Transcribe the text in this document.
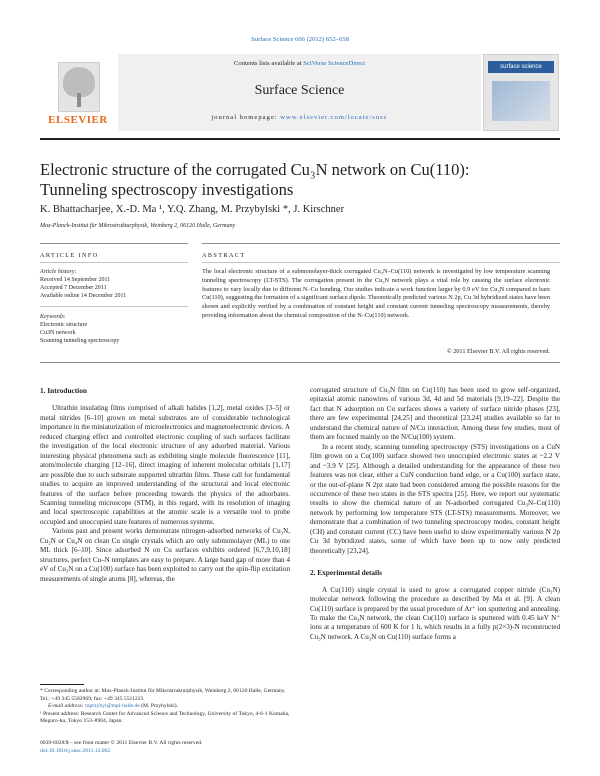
Surface Science 606 (2012) 652–658
ELSEVIER
Contents lists available at SciVerse ScienceDirect
Surface Science
journal homepage: www.elsevier.com/locate/susc
surface science
Electronic structure of the corrugated Cu₃N network on Cu(110):
Tunneling spectroscopy investigations
K. Bhattacharjee, X.-D. Ma ¹, Y.Q. Zhang, M. Przybylski *, J. Kirschner
Max-Planck-Institut für Mikrostrukturphysik, Weinberg 2, 06120 Halle, Germany
ARTICLE INFO	ABSTRACT
Article history:
Received 14 September 2011
Accepted 7 December 2011
Available online 14 December 2011
Keywords:
Electronic structure
Cu3N network
Scanning tunneling spectroscopy
The local electronic structure of a submonolayer-thick corrugated Cu₃N–Cu(110) network is investigated by low temperature scanning tunneling spectroscopy (LT-STS). The corrugation present in the Cu₃N network plays a vital role by causing the surface electronic features to vary locally due to different N–Cu bonding. Our studies indicate a work function larger by 0.9 eV for Cu₃N compared to bare Cu(110), suggesting the formation of a significant surface dipole. Theoretically predicted various N 2p, Cu 3d hybridized states have been shown and explicitly verified by a combination of constant height and constant current tunneling spectroscopy measurements, thereby providing information about the chemical composition of the N–Cu(110) network.
© 2011 Elsevier B.V. All rights reserved.
1. Introduction

Ultrathin insulating films comprised of alkali halides [1,2], metal oxides [3–5] or metal nitrides [6–10] grown on metal substrates are of considerable technological importance in the miniaturization of microelectronics and magnetoelectronic devices. A reduced charging effect and controlled electronic coupling of such surfaces facilitate the investigation of the local electronic structure of any adsorbed material. Various interesting physical phenomena such as exhibiting single molecule fluorescence [11], atom/molecule charging [12–16], direct imaging of inherent molecular orbitals [1,17] are possible due to such substrate supported ultrathin films. These call for fundamental studies to acquire an improved understanding of the structural and local electronic features of the surface before proceeding towards the physics of the adsorbates. Scanning tunneling microscope (STM), in this regard, with its resolution of imaging and local spectroscopic capabilities at the atomic scale is a versatile tool to probe occupied and unoccupied state features of numerous systems.

Various past and present works demonstrate nitrogen-adsorbed networks of Cu₃N, Cu₂N or Cu₄N on clean Cu single crystals which are only submonolayer (ML) to one ML thick [6–10]. Since adsorbed N on Cu surfaces exhibits ordered [6,7,9,10,18] structures, perfect Cu–N templates are easy to prepare. A large band gap of more than 4 eV of Cu₃N on a Cu(100) surface has been exploited to carry out the spin-flip excitation measurements of single atoms [8], whereas, the

* Corresponding author at: Max-Planck-Institut für Mikrostrukturphysik, Weinberg 2, 06120 Halle, Germany. Tel.: +49 345 5582969; fax: +49 345 5511223.
E-mail address: mprzybyl@mpi-halle.de (M. Przybylski).
¹ Present address: Research Center for Advanced Science and Technology, University of Tokyo, 4-6-1 Komaba, Meguro-ku, Tokyo 153–8904, Japan.
0039-6028/$ – see front matter © 2011 Elsevier B.V. All rights reserved.
doi:10.1016/j.susc.2011.12.002

corrugated structure of Cu₃N film on Cu(110) has been used to grow self-organized, epitaxial atomic nanowires of various 3d, 4d and 5d materials [9,19–22]. Despite the fact that N adsorption on Cu surfaces shows a variety of surface nitride phases [23], there are few experimental [24,25] and theoretical [23,24] studies available so far to understand the chemical nature of N/Cu interaction. Among these few studies, most of them are focused mainly on the N/Cu(100) system.

In a recent study, scanning tunneling spectroscopy (STS) investigations on a CuN film grown on a Cu(100) surface showed two unoccupied electronic states at ~2.2 V and ~3.9 V [25]. Although a detailed understanding for the appearance of these two features was not clear, either a CuN conduction band edge, or a Cu(100) surface state, or the out-of-plane N 2pz state had been considered among the possible reasons for the occurrence of these two states in the STS spectra [25]. Here, we report our systematic results to show the chemical nature of an N-adsorbed corrugated Cu₃N–Cu(110) network by performing low temperature STS (LT-STS) measurements. Moreover, we demonstrate that a combination of two tunneling spectroscopy modes, constant height (CH) and constant current (CC) have been useful to show experimentally various N 2p Cu 3d hybridized states, some of which have been up to now only predicted theoretically [23,24].

2. Experimental details

A Cu(110) single crystal is used to grow a corrugated copper nitride (Cu₃N) molecular network following the procedure as described by Ma et al. [9]. A clean Cu(110) surface is prepared by the usual procedure of Ar⁺ ion sputtering and annealing. To make the Cu₃N network, the clean Cu(110) surface is sputtered with 0.45 keV N⁺ ions at a temperature of 600 K for 1 h, which results in a fully p(2×3)-N reconstructed Cu₃N network. A Cu₃N on Cu(110) surface forms a
